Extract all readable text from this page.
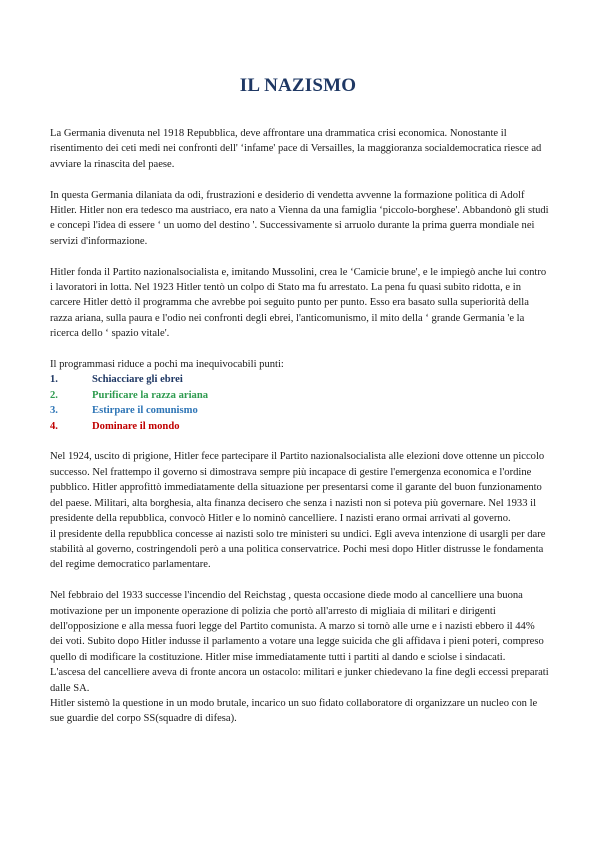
IL NAZISMO

La Germania divenuta nel 1918 Repubblica, deve affrontare una drammatica crisi economica. Nonostante il risentimento dei ceti medi nei confronti dell' ‘infame' pace di Versailles, la maggioranza socialdemocratica riesce ad avviare la rinascita del paese.

In questa Germania dilaniata da odi, frustrazioni e desiderio di vendetta avvenne la formazione politica di Adolf Hitler. Hitler non era tedesco ma austriaco, era nato a Vienna da una famiglia ‘piccolo-borghese'. Abbandonò gli studi e concepì l'idea di essere ‘ un uomo del destino '. Successivamente si arruolo durante la prima guerra mondiale nei servizi d'informazione.

Hitler fonda il Partito nazionalsocialista e, imitando Mussolini, crea le ‘Camicie brune', e le impiegò anche lui contro i lavoratori in lotta. Nel 1923 Hitler tentò un colpo di Stato ma fu arrestato. La pena fu quasi subito ridotta, e in carcere Hitler dettò il programma che avrebbe poi seguito punto per punto. Esso era basato sulla superiorità della razza ariana, sulla paura e l'odio nei confronti degli ebrei, l'anticomunismo, il mito della ‘ grande Germania 'e la ricerca dello ‘ spazio vitale'.

Il programmasi riduce a pochi ma inequivocabili punti:

1.	Schiacciare gli ebrei
2.	Purificare la razza ariana
3.	Estirpare il comunismo
4.	Dominare il mondo

Nel 1924, uscito di prigione, Hitler fece partecipare il Partito nazionalsocialista alle elezioni dove ottenne un piccolo successo. Nel frattempo il governo si dimostrava sempre più incapace di gestire l'emergenza economica e l'ordine pubblico. Hitler approfittò immediatamente della situazione per presentarsi come il garante del buon funzionamento del paese. Militari, alta borghesia, alta finanza decisero che senza i nazisti non si poteva più governare. Nel 1933 il presidente della repubblica, convocò Hitler e lo nominò cancelliere. I nazisti erano ormai arrivati al governo.

il presidente della repubblica concesse ai nazisti solo tre ministeri su undici. Egli aveva intenzione di usargli per dare stabilità al governo, costringendoli però a una politica conservatrice. Pochi mesi dopo Hitler distrusse le fondamenta del regime democratico parlamentare.

Nel febbraio del 1933 successe l'incendio del Reichstag , questa occasione diede modo al cancelliere una buona motivazione per un imponente operazione di polizia che portò all'arresto di migliaia di militari e dirigenti dell'opposizione e alla messa fuori legge del Partito comunista. A marzo si tornò alle urne e i nazisti ebbero il 44% dei voti. Subito dopo Hitler indusse il parlamento a votare una legge suicida che gli affidava i pieni poteri, compreso quello di modificare la costituzione. Hitler mise immediatamente tutti i partiti al dando e sciolse i sindacati.

L'ascesa del cancelliere aveva di fronte ancora un ostacolo: militari e junker chiedevano la fine degli eccessi preparati dalle SA.

Hitler sistemò la questione in un modo brutale, incarico un suo fidato collaboratore di organizzare un nucleo con le sue guardie del corpo SS(squadre di difesa).
